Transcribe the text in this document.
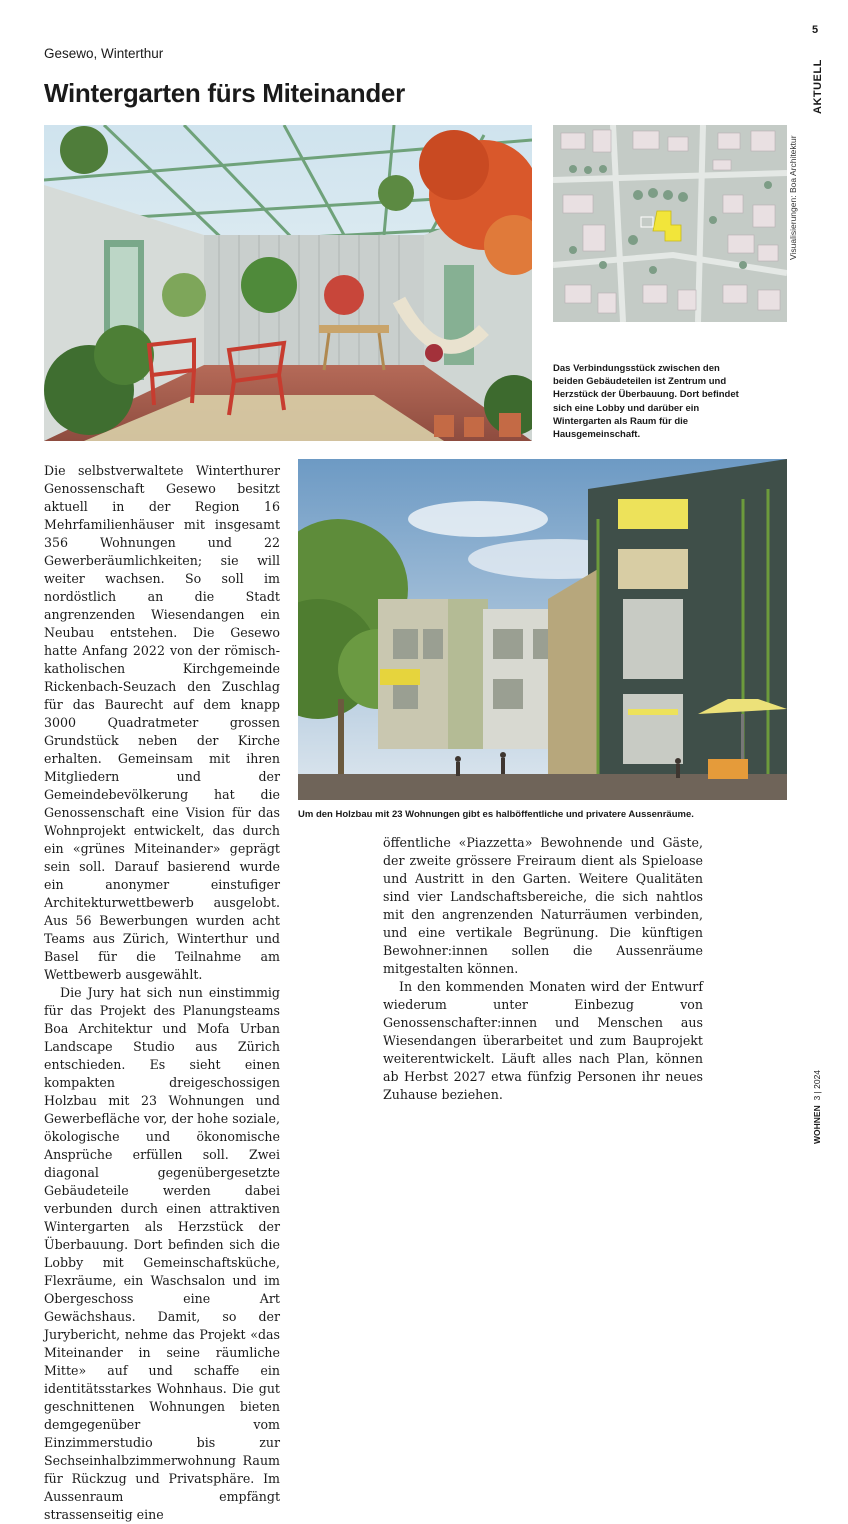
5
AKTUELL
Gesewo, Winterthur
Wintergarten fürs Miteinander
Visualisierungen: Boa Architektur
Das Verbindungsstück zwischen den beiden Gebäudeteilen ist Zentrum und Herzstück der Überbauung. Dort befindet sich eine Lobby und darüber ein Wintergarten als Raum für die Hausgemeinschaft.
Um den Holzbau mit 23 Wohnungen gibt es halböffentliche und privatere Aussenräume.

Die selbstverwaltete Winterthurer Genossenschaft Gesewo besitzt aktuell in der Region 16 Mehrfamilienhäuser mit insgesamt 356 Wohnungen und 22 Gewerberäumlichkeiten; sie will weiter wachsen. So soll im nordöstlich an die Stadt angrenzenden Wiesendangen ein Neubau entstehen. Die Gesewo hatte Anfang 2022 von der römisch-katholischen Kirchgemeinde Rickenbach-Seuzach den Zuschlag für das Baurecht auf dem knapp 3000 Quadratmeter grossen Grundstück neben der Kirche erhalten. Gemeinsam mit ihren Mitgliedern und der Gemeindebevölkerung hat die Genossenschaft eine Vision für das Wohnprojekt entwickelt, das durch ein «grünes Miteinander» geprägt sein soll. Darauf basierend wurde ein anonymer einstufiger Architekturwettbewerb ausgelobt. Aus 56 Bewerbungen wurden acht Teams aus Zürich, Winterthur und Basel für die Teilnahme am Wettbewerb ausgewählt.

Die Jury hat sich nun einstimmig für das Projekt des Planungsteams Boa Architektur und Mofa Urban Landscape Studio aus Zürich entschieden. Es sieht einen kompakten dreigeschossigen Holzbau mit 23 Wohnungen und Gewerbefläche vor, der hohe soziale, ökologische und ökonomische Ansprüche erfüllen soll. Zwei diagonal gegenübergesetzte Gebäudeteile werden dabei verbunden durch einen attraktiven Wintergarten als Herzstück der Überbauung. Dort befinden sich die Lobby mit Gemeinschaftsküche, Flexräume, ein Waschsalon und im Obergeschoss eine Art Gewächshaus. Damit, so der Jurybericht, nehme das Projekt «das Miteinander in seine räumliche Mitte» auf und schaffe ein identitätsstarkes Wohnhaus. Die gut geschnittenen Wohnungen bieten demgegenüber vom Einzimmerstudio bis zur Sechseinhalbzimmerwohnung Raum für Rückzug und Privatsphäre. Im Aussenraum empfängt strassenseitig eine

öffentliche «Piazzetta» Bewohnende und Gäste, der zweite grössere Freiraum dient als Spieloase und Austritt in den Garten. Weitere Qualitäten sind vier Landschaftsbereiche, die sich nahtlos mit den angrenzenden Naturräumen verbinden, und eine vertikale Begrünung. Die künftigen Bewohner:innen sollen die Aussenräume mitgestalten können.

In den kommenden Monaten wird der Entwurf wiederum unter Einbezug von Genossenschafter:innen und Menschen aus Wiesendangen überarbeitet und zum Bauprojekt weiterentwickelt. Läuft alles nach Plan, können ab Herbst 2027 etwa fünfzig Personen ihr neues Zuhause beziehen.

WOHNEN  3 | 2024
